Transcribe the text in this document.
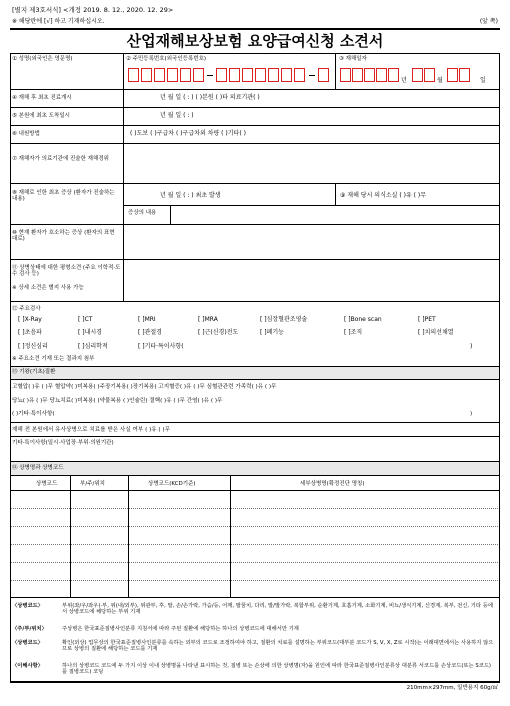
[별지 제3호서식] <개정 2019. 8. 12., 2020. 12. 29>
※ 해당란에 [√] 하고 기재하십시오.	(앞 쪽)
산업재해보상보험 요양급여신청 소견서
① 성명(외국인은 영문명)	② 주민등록번호(외국인등록번호)	③ 재해일자
년	월	일
④ 재해 후 최초 진료개시	년 월 일 ( : ) ( )본원 ( )타 의료기관( )
⑤ 본원에 최초 도착일시	년 월 일 ( : )
⑥ 내원방법	( )도보 ( )구급차 ( )구급차외 차량 ( )기타( )
⑦ 재해자가 의료기관에 진술한 재해경위
⑧ 재해로 인한 최초 증상 (환자가 진술하는 내용)
년 월 일 ( : ) 최초 발생	⑨ 재해 당시 의식소실 ( )유 ( )무
증상의 내용
⑩ 현재 환자가 호소하는 증상 (환자의 표현대로)
⑪ 상병상태에 대한 평형소견 (주요 이학적·도수 검사 등)
※ 상세 소견은 별지 사용 가능
⑫ 주요검사
[ ]X-Ray	[ ]CT	[ ]MRI	[ ]MRA	[ ]심장혈관조영술	[ ]Bone scan	[ ]PET
[ ]초음파	[ ]내시경	[ ]관절경	[ ]근(신경)전도	[ ]폐기능	[ ]조직	[ ]치의선채열
[ ]정신심리	[ ]심리학적	[ ]기타·특이사항(	)
※ 주요소견 기재 또는 결과지 첨부
⑬ 기왕(기초)질환
고혈압( )유 ( )무 혈압약( )미복용( )주장기복용( )장기복용) 고지혈증( )유 ( )무 심혈관관련 가족력( )유 ( )무
당뇨( )유 ( )무 당뇨치료( )미복용( )약물복용 ( )인슐린) 결핵( )유 ( )무 간염( )유 ( )무
( )기타·특이사항(	)
재해 전 본원에서 유사상병으로 치료를 받은 사실 여부 ( )유 ( )무
기타·특이사항(일시·사업장·부위·의원기관)
⑭ 상병명과 상병코드
상병코드	부/주/위치	상병코드(KCD기준)	세부상병명(확정진단 명칭)
〈상병코드〉	부위(좌/우/좌우)·부, 위(내/외부), 위관부, 후, 말, 손/손가락, 가슴/등, 어깨, 팔꿈치, 다리, 발/발가락, 복합부위, 순환기계, 호흡기계, 소화기계, 비뇨/생식기계, 신경계, 복부, 전신, 기타 등에서 상병코드에 해당하는 부위 기재
〈주/부/위치〉	주상병은 한국표준질병사인분류 지침서에 따라 주된 질환에 해당하는 하나의 상병코드에 대해서만 기재
〈상병코드〉	확인(외상) 업무상의 한국표준질병사인분류를 속하는 외부의 코드로 조정하여야 하고, 질환의 치료를 설명하는 부위코드(대부분 코드가 S, V, X, Z로 시작)는 이래대면에서는 사용하지 않으므로 상병의 질환에 해당하는 코드를 기재
〈이해사항〉	하나의 상병코드 코드에 두 가지 이상 이내 상병명을 나타낸 표시하는 것, 질병 또는 손상에 의한 상병명(자)을 원인에 따라 한국표준질병사인분류상 대분류 서코드를 손상코드(또는 S코드)를 질병코드) 코딩
210mm×297mm, 일반용지 60g/㎡
